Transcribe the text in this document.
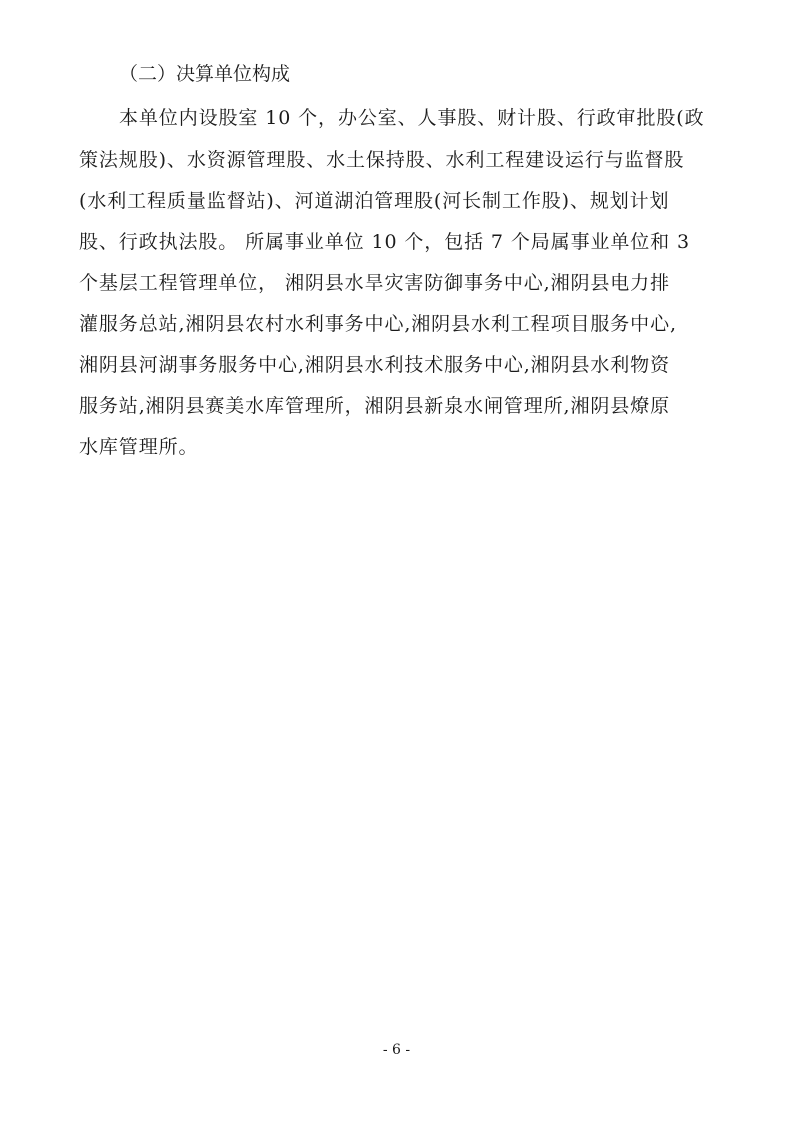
（二）决算单位构成
本单位内设股室 10 个，办公室、人事股、财计股、行政审批股(政
策法规股)、水资源管理股、水土保持股、水利工程建设运行与监督股
(水利工程质量监督站)、河道湖泊管理股(河长制工作股)、规划计划
股、行政执法股。 所属事业单位 10 个，包括 7 个局属事业单位和 3
个基层工程管理单位， 湘阴县水旱灾害防御事务中心,湘阴县电力排
灌服务总站,湘阴县农村水利事务中心,湘阴县水利工程项目服务中心,
湘阴县河湖事务服务中心,湘阴县水利技术服务中心,湘阴县水利物资
服务站,湘阴县赛美水库管理所，湘阴县新泉水闸管理所,湘阴县燎原
水库管理所。
- 6 -
